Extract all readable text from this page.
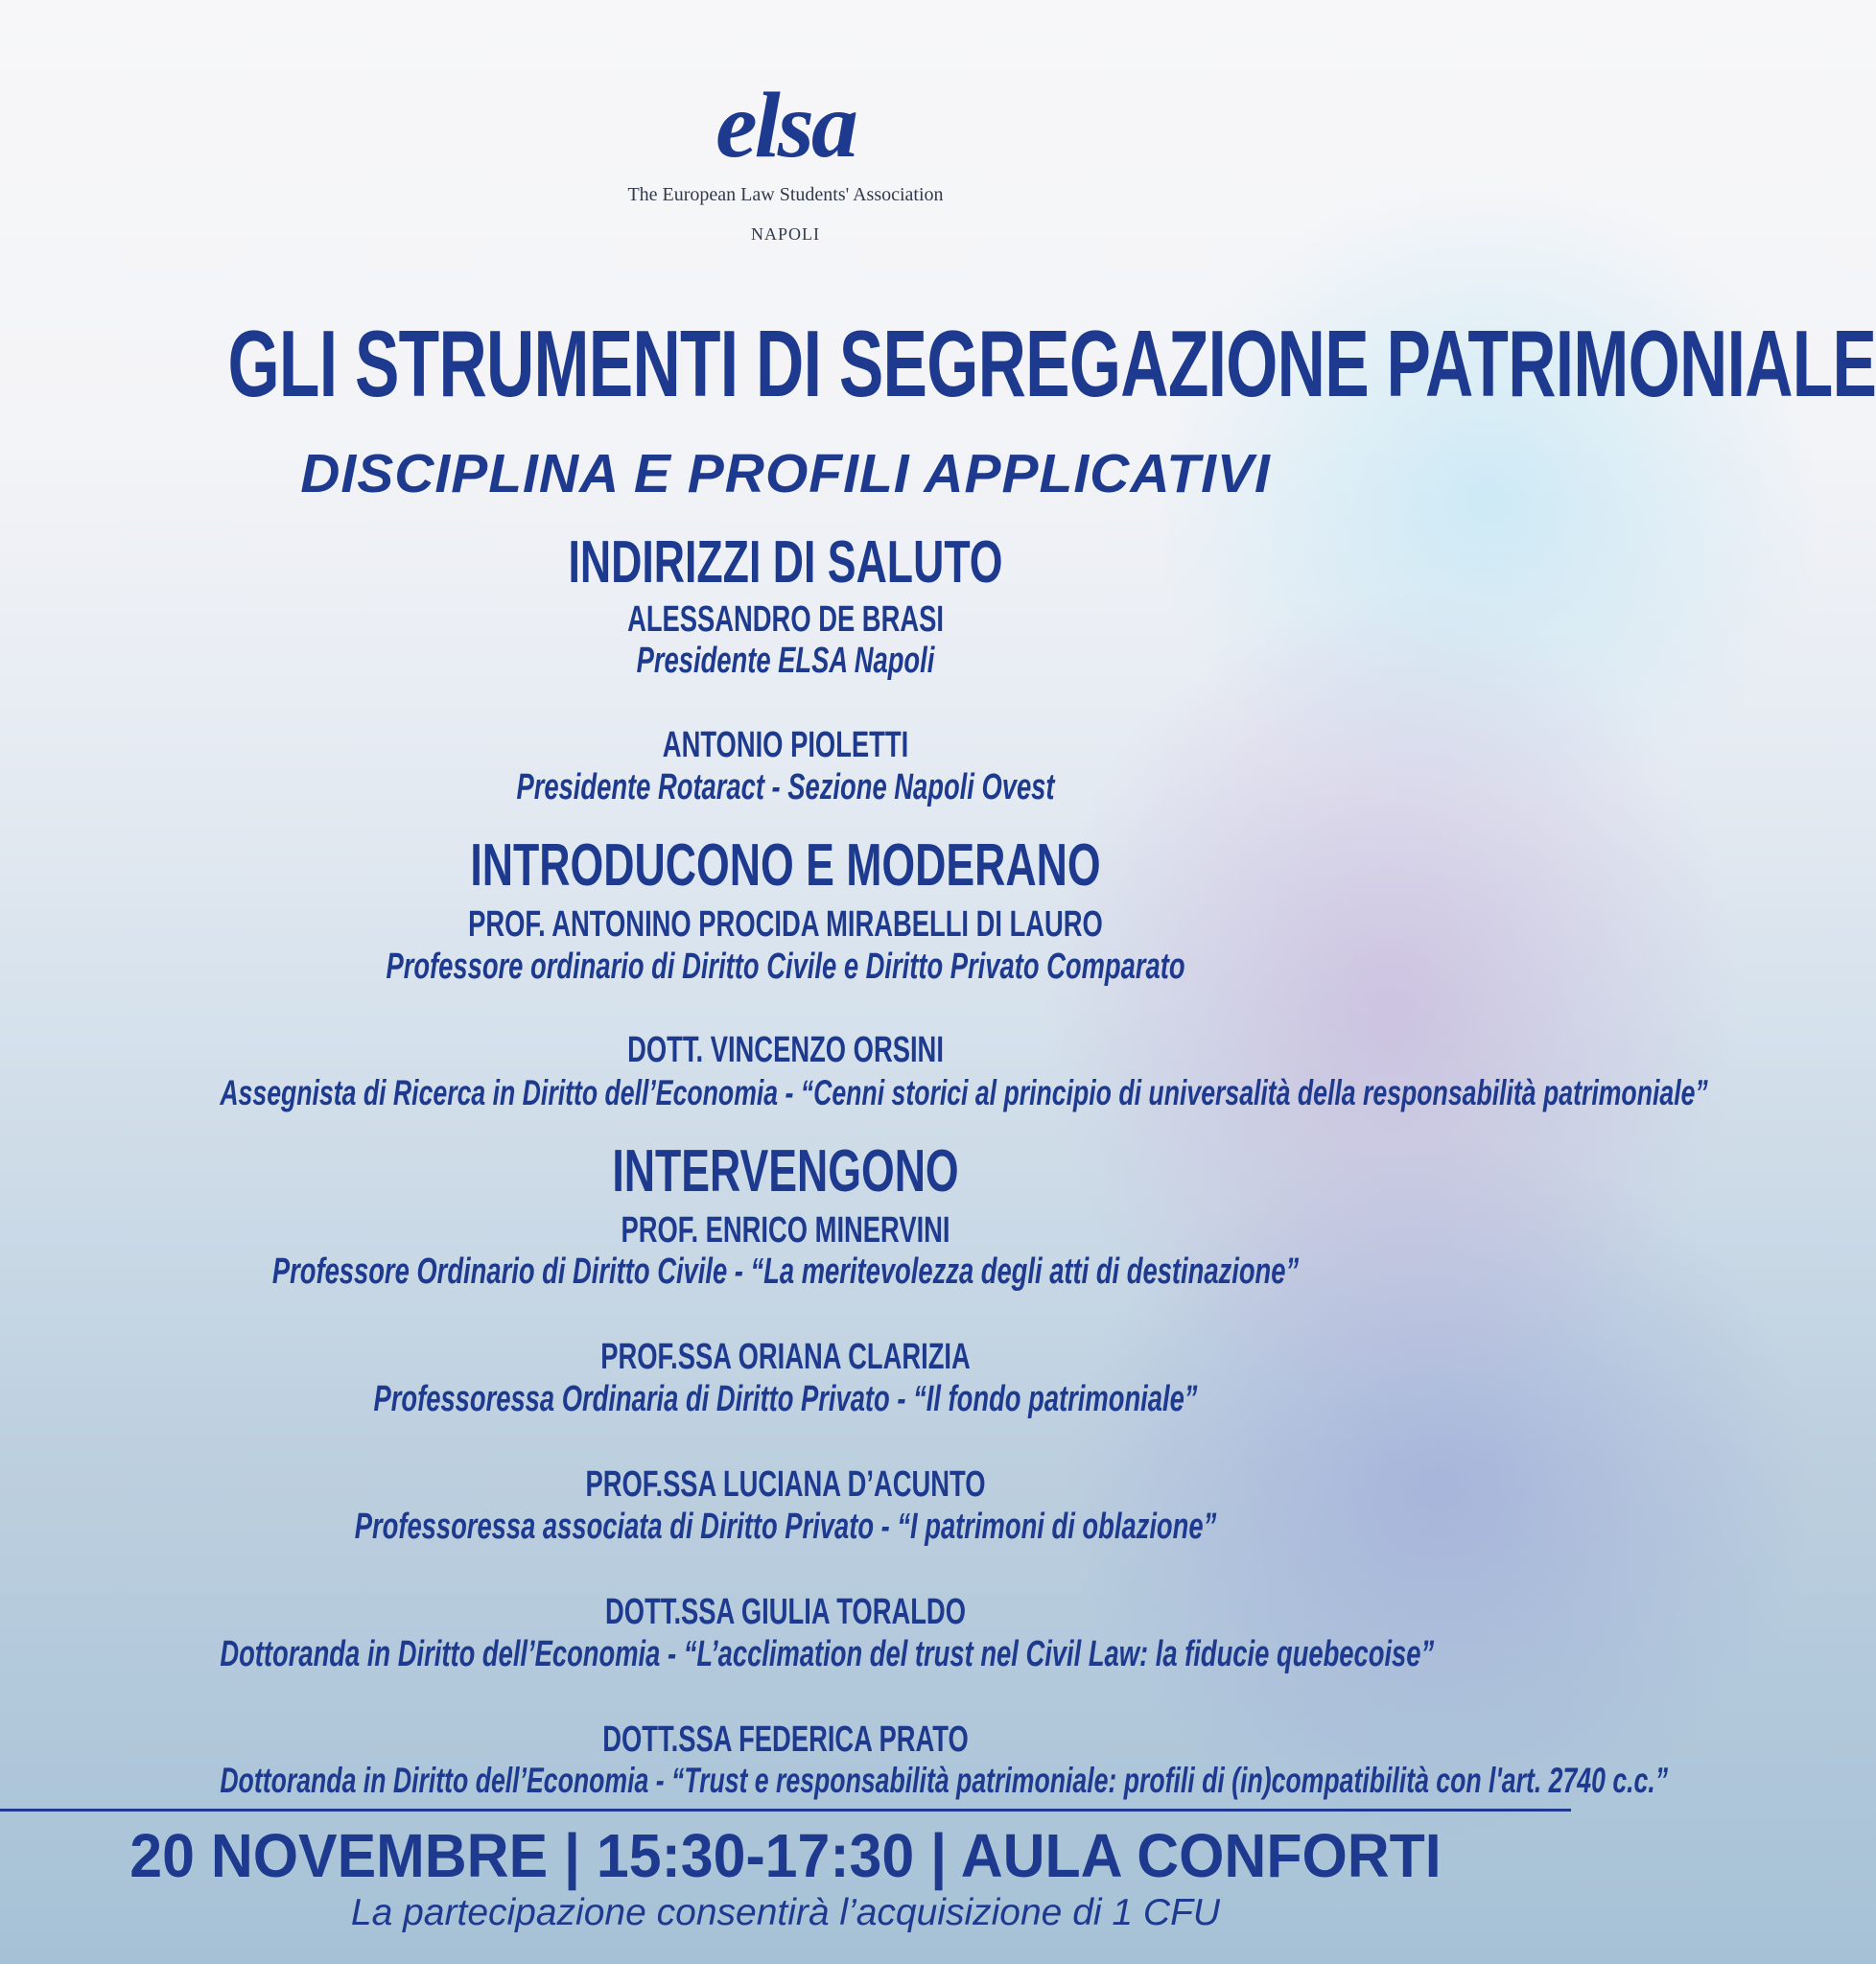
elsa
The European Law Students' Association
NAPOLI
GLI STRUMENTI DI SEGREGAZIONE PATRIMONIALE
DISCIPLINA E PROFILI APPLICATIVI
INDIRIZZI DI SALUTO
ALESSANDRO DE BRASI
Presidente ELSA Napoli
ANTONIO PIOLETTI
Presidente Rotaract - Sezione Napoli Ovest
INTRODUCONO E MODERANO
PROF. ANTONINO PROCIDA MIRABELLI DI LAURO
Professore ordinario di Diritto Civile e Diritto Privato Comparato
DOTT. VINCENZO ORSINI
Assegnista di Ricerca in Diritto dell’Economia - “Cenni storici al principio di universalità della responsabilità patrimoniale”
INTERVENGONO
PROF. ENRICO MINERVINI
Professore Ordinario di Diritto Civile - “La meritevolezza degli atti di destinazione”
PROF.SSA ORIANA CLARIZIA
Professoressa Ordinaria di Diritto Privato - “Il fondo patrimoniale”
PROF.SSA LUCIANA D’ACUNTO
Professoressa associata di Diritto Privato - “I patrimoni di oblazione”
DOTT.SSA GIULIA TORALDO
Dottoranda in Diritto dell’Economia - “L’acclimation del trust nel Civil Law: la fiducie quebecoise”
DOTT.SSA FEDERICA PRATO
Dottoranda in Diritto dell’Economia - “Trust e responsabilità patrimoniale: profili di (in)compatibilità con l'art. 2740 c.c.”
20 NOVEMBRE | 15:30-17:30 | AULA CONFORTI
La partecipazione consentirà l’acquisizione di 1 CFU
